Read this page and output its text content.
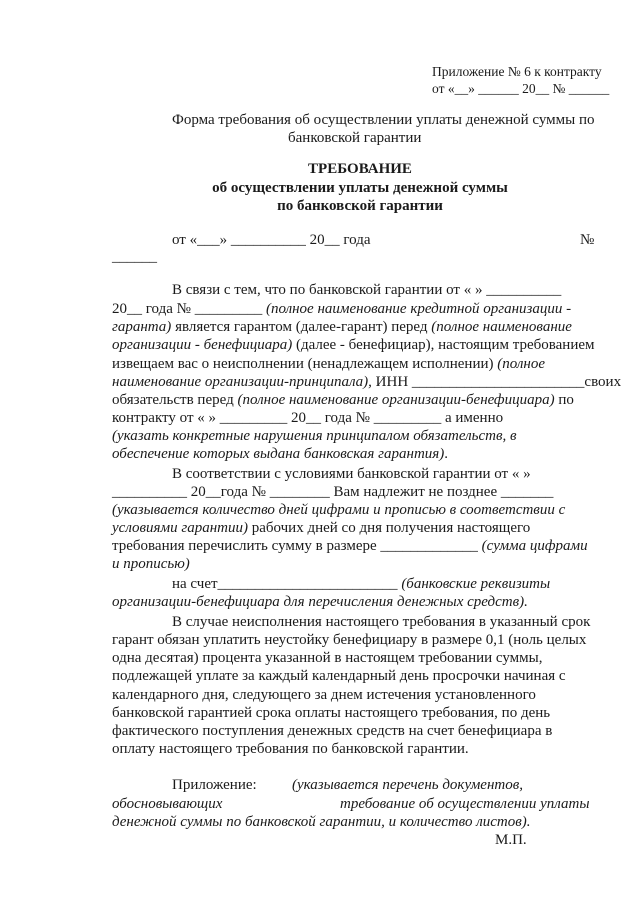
Приложение № 6 к контракту
от «__» ______ 20__ № ______
Форма требования об осуществлении уплаты денежной суммы по
банковской гарантии
ТРЕБОВАНИЕ
об осуществлении уплаты денежной суммы
по банковской гарантии
от «___» __________ 20__ года	№
______
В связи с тем, что по банковской гарантии от « » __________
20__ года № _________ (полное наименование кредитной организации -
гаранта) является гарантом (далее-гарант) перед (полное наименование
организации - бенефициара) (далее - бенефициар), настоящим требованием
извещаем вас о неисполнении (ненадлежащем исполнении) (полное
наименование организации-принципала), ИНН _______________________своих
обязательств перед (полное наименование организации-бенефициара) по
контракту от « » _________ 20__ года № _________ а именно
(указать конкретные нарушения принципалом обязательств, в
обеспечение которых выдана банковская гарантия).
В соответствии с условиями банковской гарантии от « »
__________ 20__года № ________ Вам надлежит не позднее _______
(указывается количество дней цифрами и прописью в соответствии с
условиями гарантии) рабочих дней со дня получения настоящего
требования перечислить сумму в размере _____________ (сумма цифрами
и прописью)
на счет________________________ (банковские реквизиты
организации-бенефициара для перечисления денежных средств).
В случае неисполнения настоящего требования в указанный срок
гарант обязан уплатить неустойку бенефициару в размере 0,1 (ноль целых
одна десятая) процента указанной в настоящем требовании суммы,
подлежащей уплате за каждый календарный день просрочки начиная с
календарного дня, следующего за днем истечения установленного
банковской гарантией срока оплаты настоящего требования, по день
фактического поступления денежных средств на счет бенефициара в
оплату настоящего требования по банковской гарантии.
Приложение: (указывается перечень документов,
обосновывающих	требование об осуществлении уплаты
денежной суммы по банковской гарантии, и количество листов).
М.П.
